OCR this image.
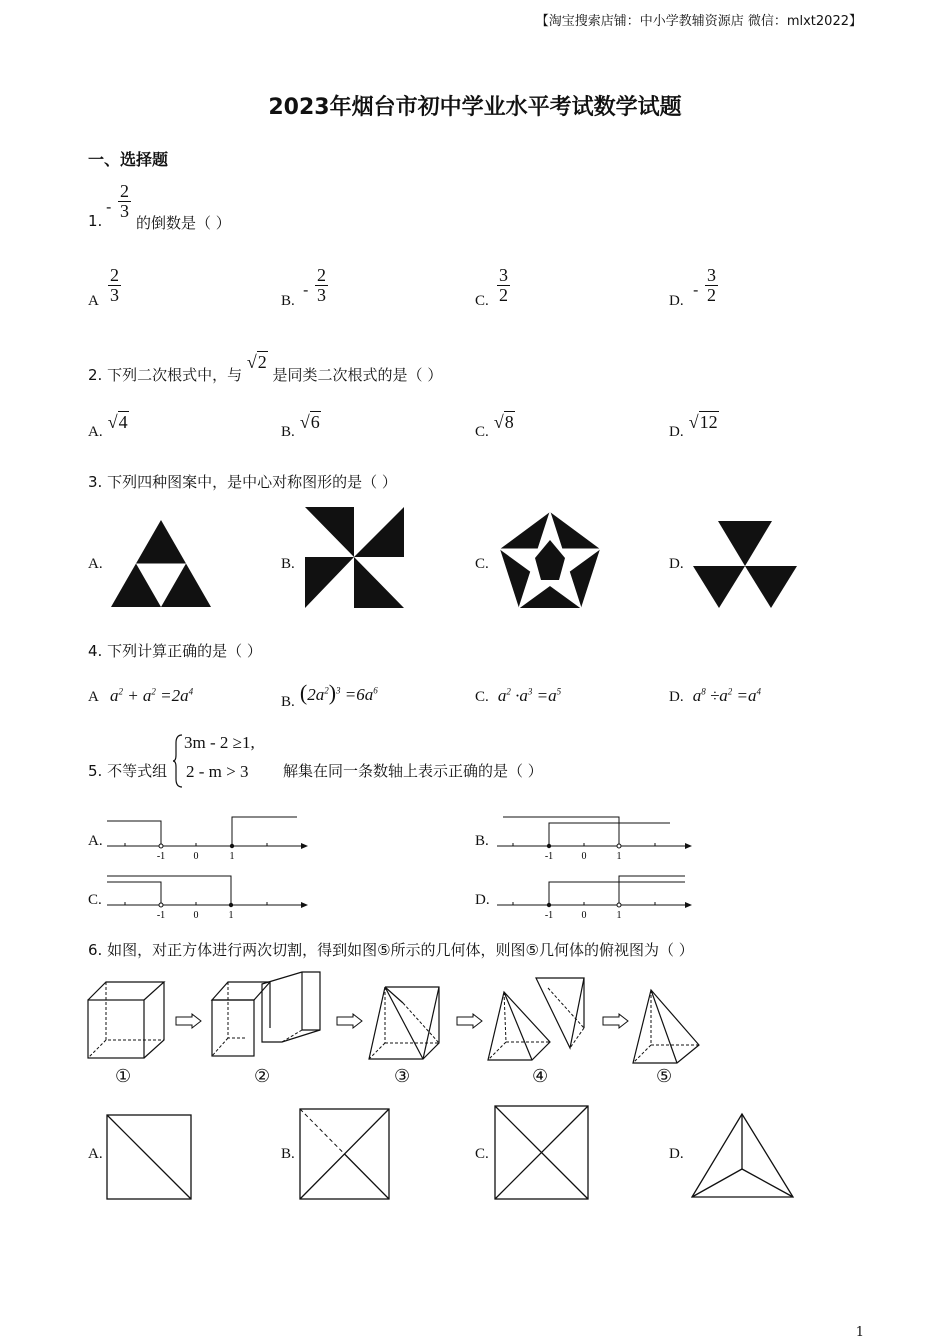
【淘宝搜索店铺：中小学教辅资源店 微信：mlxt2022】
2023年烟台市初中学业水平考试数学试题
一、选择题
1.
- $\frac{2}{3}$
的倒数是（ ）
A $\frac{2}{3}$	B.
- $\frac{2}{3}$	C. $\frac{3}{2}$	D.
- $\frac{3}{2}$
2. 下列二次根式中，与 √2 是同类二次根式的是（ ）
A. √4	B. √6	C. √8	D. √12
3. 下列四种图案中，是中心对称图形的是（ ）
A.	B.	C.	D.
4. 下列计算正确的是（ ）
A $a^2 + a^2 =2a^4$
B. $(2a^2)^3 =6a^6$	C. $a^2 \cdot a^3 =a^5$	D. $a^8 \div a^2 =a^4$
5. 不等式组
3m - 2 ≥1,
2 - m > 3 解集在同一条数轴上表示正确的是（ ）
A.	B.
C.	D.
-1	0	1	-1	0	1
-1	0	1	-1	0	1
6. 如图，对正方体进行两次切割，得到如图⑤所示的几何体，则图⑤几何体的俯视图为（ ）
①	②	③	④	⑤
A.	B.	C.	D.
1
